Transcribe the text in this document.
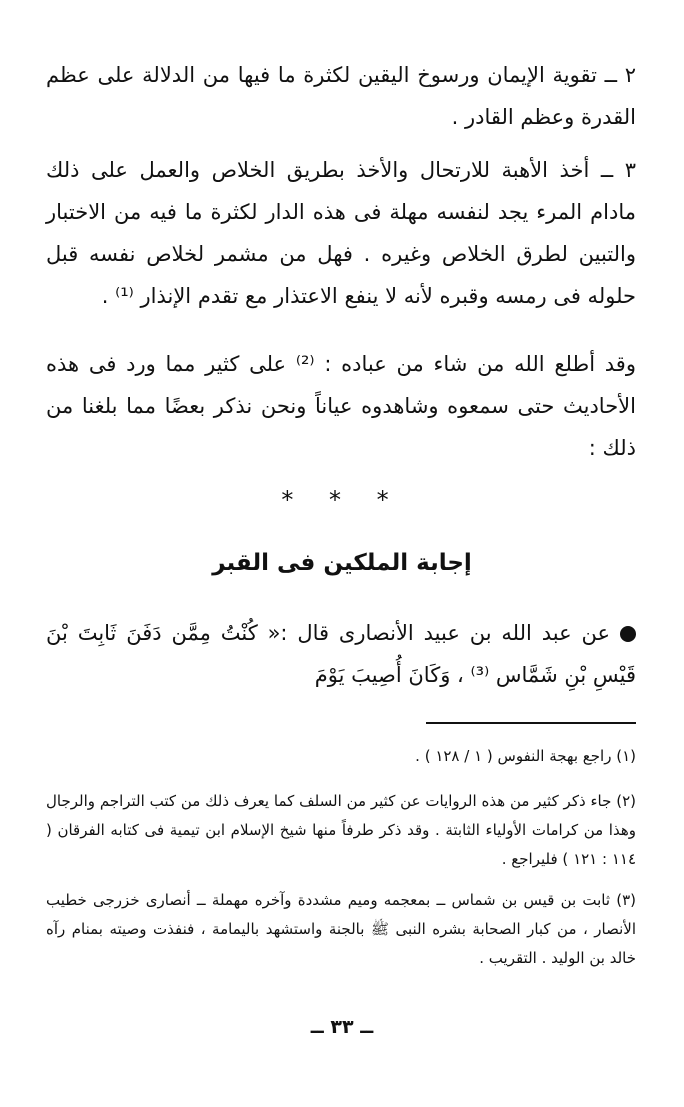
٢ ــ تقوية الإيمان ورسوخ اليقين لكثرة ما فيها من الدلالة على عظم القدرة وعظم القادر .

٣ ــ أخذ الأهبة للارتحال والأخذ بطريق الخلاص والعمل على ذلك مادام المرء يجد لنفسه مهلة فى هذه الدار لكثرة ما فيه من الاختبار والتبين لطرق الخلاص وغيره . فهل من مشمر لخلاص نفسه قبل حلوله فى رمسه وقبره لأنه لا ينفع الاعتذار مع تقدم الإنذار ⁽¹⁾ .

وقد أطلع الله من شاء من عباده : ⁽²⁾ على كثير مما ورد فى هذه الأحاديث حتى سمعوه وشاهدوه عياناً ونحن نذكر بعضًا مما بلغنا من ذلك :

* * *
إجابة الملكين فى القبر

عن عبد الله بن عبيد الأنصارى قال :« كُنْتُ مِمَّن دَفَنَ ثَابِتَ بْنَ قَيْسِ بْنِ شَمَّاس ⁽³⁾ ، وَكَانَ أُصِيبَ يَوْمَ

(١) راجع بهجة النفوس ( ١ / ١٢٨ ) .

(٢) جاء ذكر كثير من هذه الروايات عن كثير من السلف كما يعرف ذلك من كتب التراجم والرجال وهذا من كرامات الأولياء الثابتة . وقد ذكر طرفاً منها شيخ الإسلام ابن تيمية فى كتابه الفرقان ( ١١٤ : ١٢١ ) فليراجع .

(٣) ثابت بن قيس بن شماس ــ بمعجمه وميم مشددة وآخره مهملة ــ أنصارى خزرجى خطيب الأنصار ، من كبار الصحابة بشره النبى ﷺ بالجنة واستشهد باليمامة ، فنفذت وصيته بمنام رآه خالد بن الوليد . التقريب .

ــ ٣٣ ــ
